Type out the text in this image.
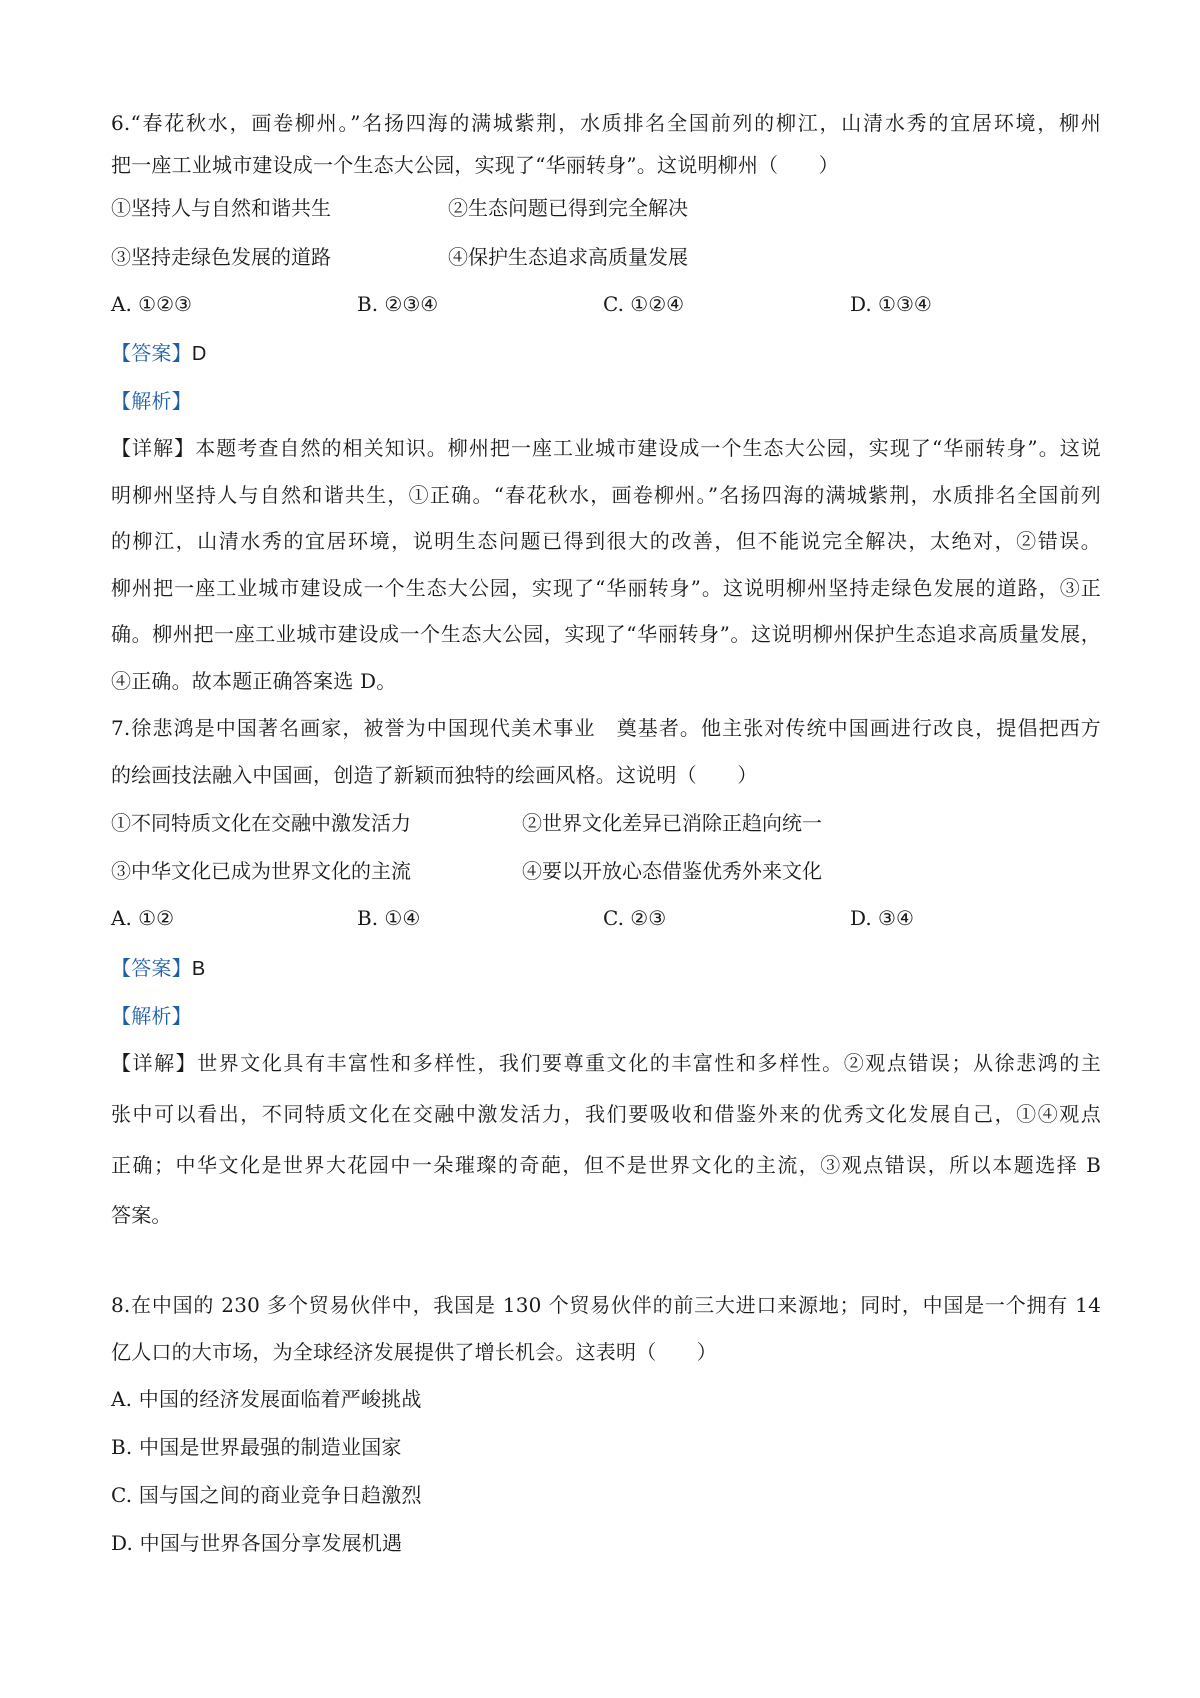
6.“春花秋水，画卷柳州。”名扬四海的满城紫荆，水质排名全国前列的柳江，山清水秀的宜居环境，柳州
把一座工业城市建设成一个生态大公园，实现了“华丽转身”。这说明柳州（　　）
①坚持人与自然和谐共生	②生态问题已得到完全解决
③坚持走绿色发展的道路	④保护生态追求高质量发展
A. ①②③	B. ②③④	C. ①②④	D. ①③④
【答案】D
【解析】
【详解】本题考查自然的相关知识。柳州把一座工业城市建设成一个生态大公园，实现了“华丽转身”。这说
明柳州坚持人与自然和谐共生，①正确。“春花秋水，画卷柳州。”名扬四海的满城紫荆，水质排名全国前列
的柳江，山清水秀的宜居环境，说明生态问题已得到很大的改善，但不能说完全解决，太绝对，②错误。
柳州把一座工业城市建设成一个生态大公园，实现了“华丽转身”。这说明柳州坚持走绿色发展的道路，③正
确。柳州把一座工业城市建设成一个生态大公园，实现了“华丽转身”。这说明柳州保护生态追求高质量发展，
④正确。故本题正确答案选 D。
7.徐悲鸿是中国著名画家，被誉为中国现代美术事业　奠基者。他主张对传统中国画进行改良，提倡把西方
的绘画技法融入中国画，创造了新颖而独特的绘画风格。这说明（　　）
①不同特质文化在交融中激发活力	②世界文化差异已消除正趋向统一
③中华文化已成为世界文化的主流	④要以开放心态借鉴优秀外来文化
A. ①②	B. ①④	C. ②③	D. ③④
【答案】B
【解析】
【详解】世界文化具有丰富性和多样性，我们要尊重文化的丰富性和多样性。②观点错误；从徐悲鸿的主
张中可以看出，不同特质文化在交融中激发活力，我们要吸收和借鉴外来的优秀文化发展自己，①④观点
正确；中华文化是世界大花园中一朵璀璨的奇葩，但不是世界文化的主流，③观点错误，所以本题选择 B
答案。
8.在中国的 230 多个贸易伙伴中，我国是 130 个贸易伙伴的前三大进口来源地；同时，中国是一个拥有 14
亿人口的大市场，为全球经济发展提供了增长机会。这表明（　　）
A. 中国的经济发展面临着严峻挑战
B. 中国是世界最强的制造业国家
C. 国与国之间的商业竞争日趋激烈
D. 中国与世界各国分享发展机遇
